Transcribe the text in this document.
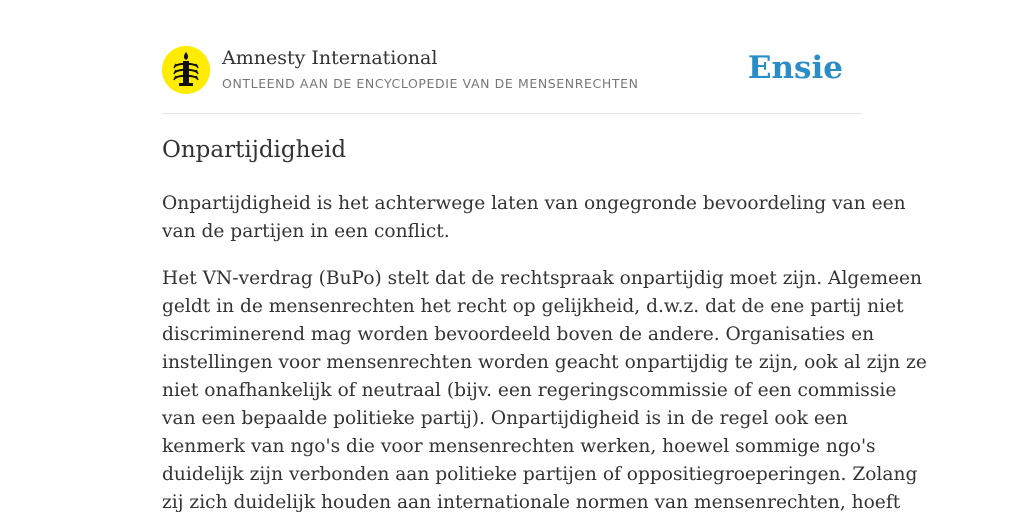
Amnesty International
ONTLEEND AAN DE ENCYCLOPEDIE VAN DE MENSENRECHTEN	Ensie
Onpartijdigheid

Onpartijdigheid is het achterwege laten van ongegronde bevoordeling van een
van de partijen in een conflict.

Het VN-verdrag (BuPo) stelt dat de rechtspraak onpartijdig moet zijn. Algemeen
geldt in de mensenrechten het recht op gelijkheid, d.w.z. dat de ene partij niet
discriminerend mag worden bevoordeeld boven de andere. Organisaties en
instellingen voor mensenrechten worden geacht onpartijdig te zijn, ook al zijn ze
niet onafhankelijk of neutraal (bijv. een regeringscommissie of een commissie
van een bepaalde politieke partij). Onpartijdigheid is in de regel ook een
kenmerk van ngo's die voor mensenrechten werken, hoewel sommige ngo's
duidelijk zijn verbonden aan politieke partijen of oppositiegroeperingen. Zolang
zij zich duidelijk houden aan internationale normen van mensenrechten, hoeft
